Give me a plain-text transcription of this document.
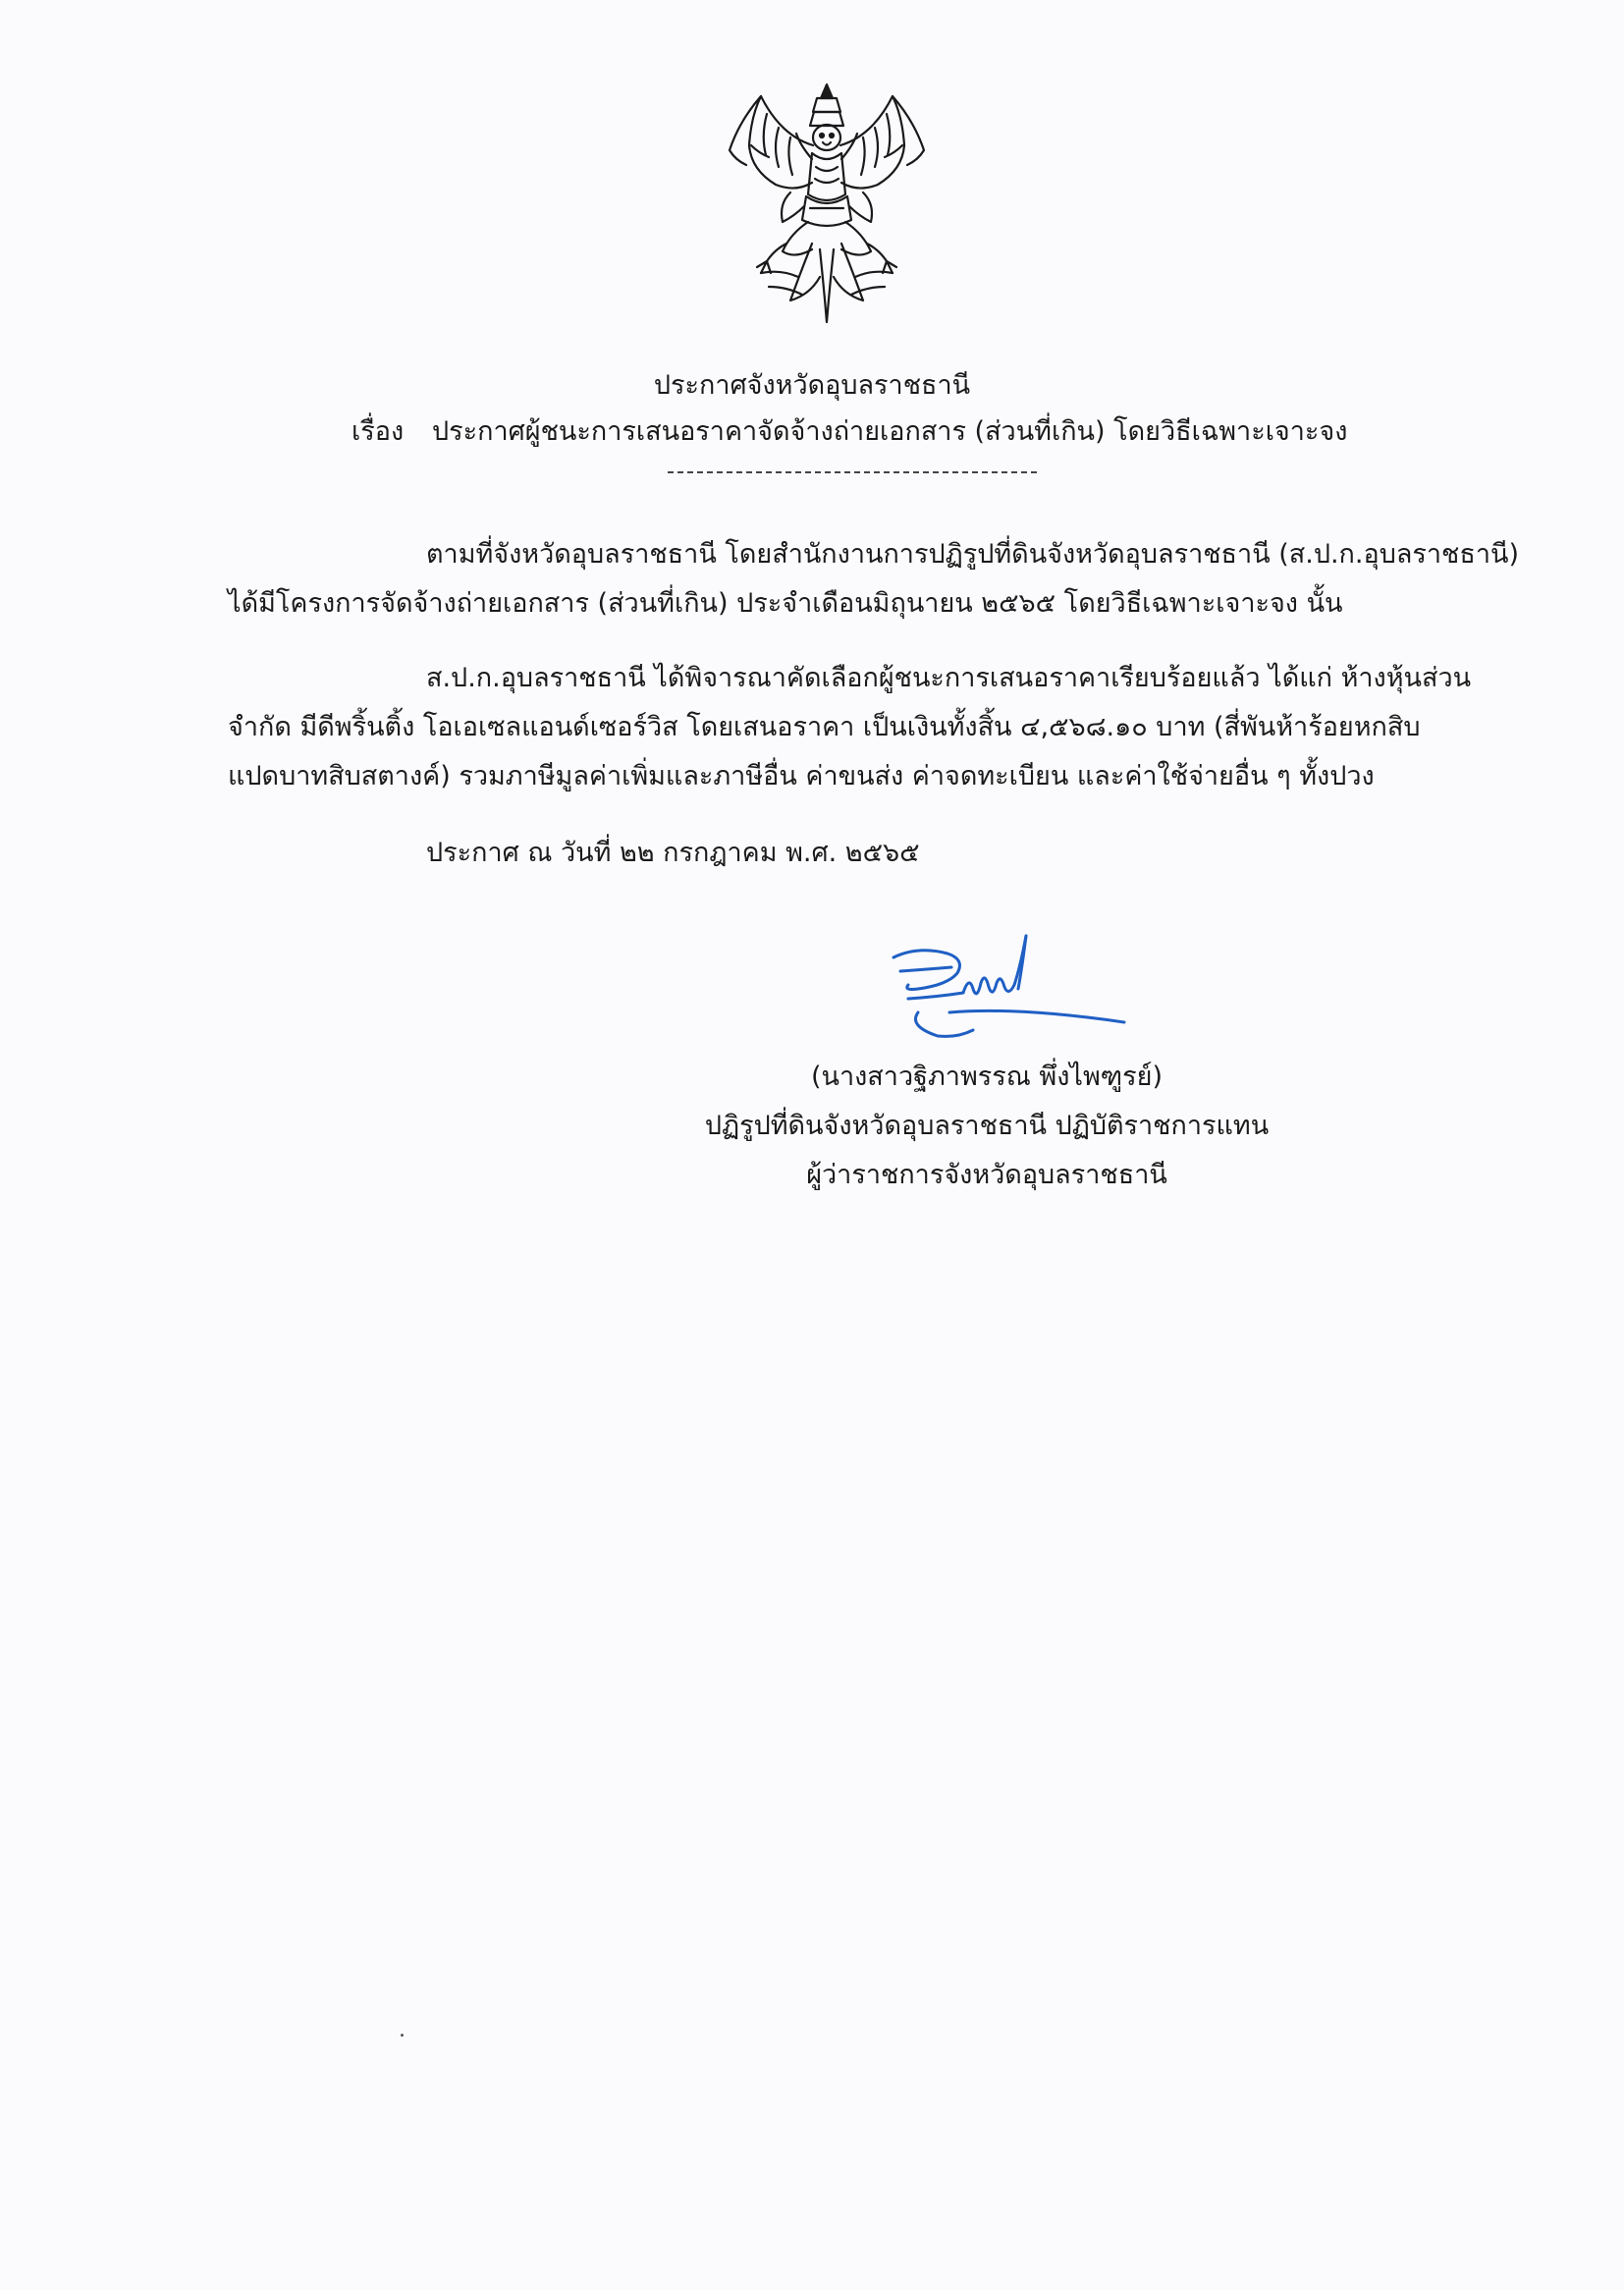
ประกาศจังหวัดอุบลราชธานี
เรื่อง ประกาศผู้ชนะการเสนอราคาจัดจ้างถ่ายเอกสาร (ส่วนที่เกิน) โดยวิธีเฉพาะเจาะจง
ตามที่จังหวัดอุบลราชธานี โดยสำนักงานการปฏิรูปที่ดินจังหวัดอุบลราชธานี (ส.ป.ก.อุบลราชธานี)
ได้มีโครงการจัดจ้างถ่ายเอกสาร (ส่วนที่เกิน) ประจำเดือนมิถุนายน ๒๕๖๕ โดยวิธีเฉพาะเจาะจง นั้น
ส.ป.ก.อุบลราชธานี ได้พิจารณาคัดเลือกผู้ชนะการเสนอราคาเรียบร้อยแล้ว ได้แก่ ห้างหุ้นส่วน
จำกัด มีดีพริ้นติ้ง โอเอเซลแอนด์เซอร์วิส โดยเสนอราคา เป็นเงินทั้งสิ้น ๔,๕๖๘.๑๐ บาท (สี่พันห้าร้อยหกสิบ
แปดบาทสิบสตางค์) รวมภาษีมูลค่าเพิ่มและภาษีอื่น ค่าขนส่ง ค่าจดทะเบียน และค่าใช้จ่ายอื่น ๆ ทั้งปวง
ประกาศ ณ วันที่ ๒๒ กรกฎาคม พ.ศ. ๒๕๖๕
(นางสาวฐิภาพรรณ พึ่งไพฑูรย์)
ปฏิรูปที่ดินจังหวัดอุบลราชธานี ปฏิบัติราชการแทน
ผู้ว่าราชการจังหวัดอุบลราชธานี
